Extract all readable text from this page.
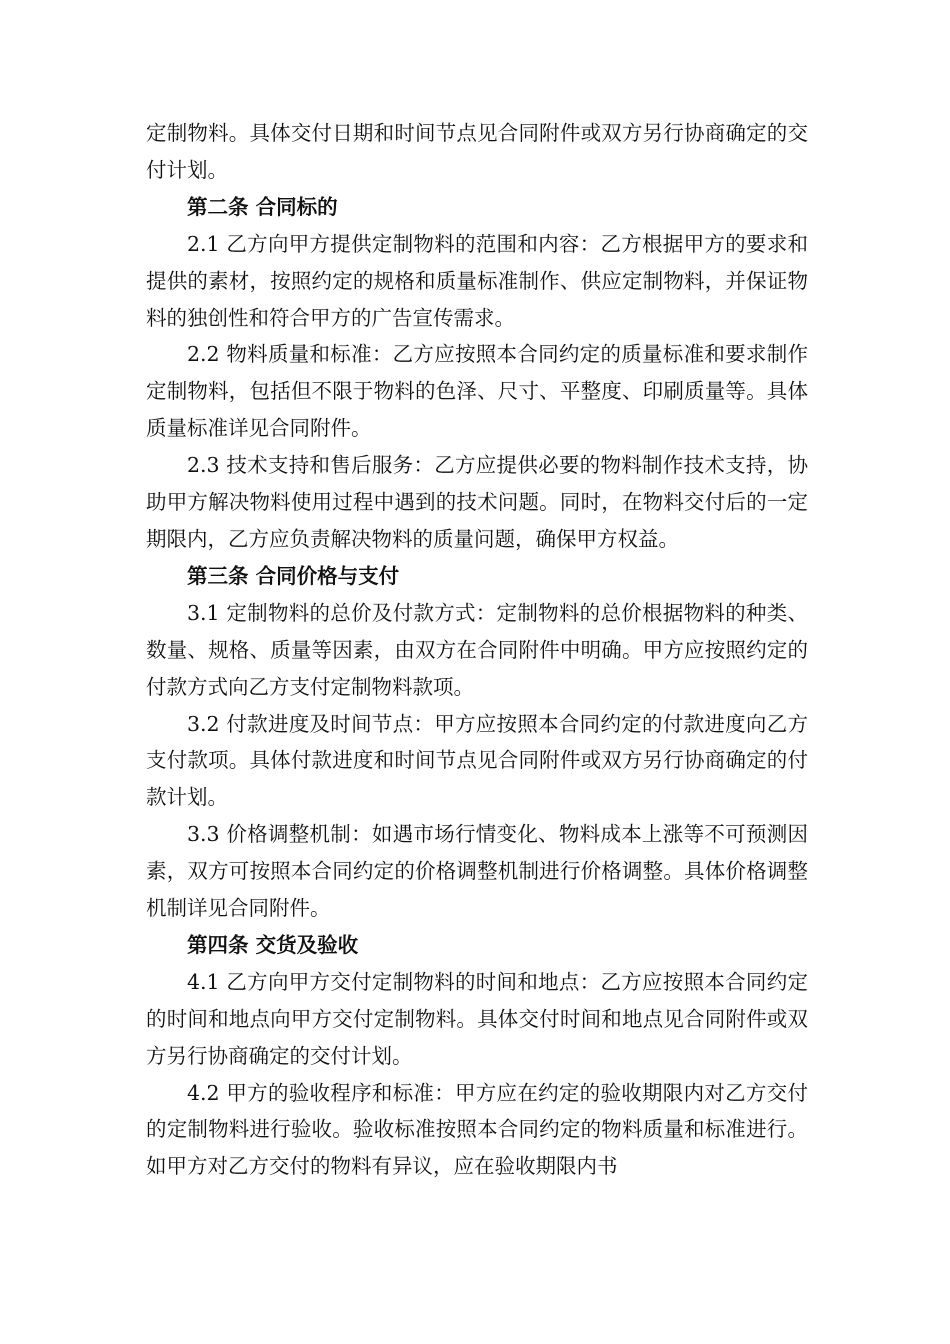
定制物料。具体交付日期和时间节点见合同附件或双方另行协商确定的交付计划。

第二条 合同标的

2.1 乙方向甲方提供定制物料的范围和内容：乙方根据甲方的要求和提供的素材，按照约定的规格和质量标准制作、供应定制物料，并保证物料的独创性和符合甲方的广告宣传需求。

2.2 物料质量和标准：乙方应按照本合同约定的质量标准和要求制作定制物料，包括但不限于物料的色泽、尺寸、平整度、印刷质量等。具体质量标准详见合同附件。

2.3 技术支持和售后服务：乙方应提供必要的物料制作技术支持，协助甲方解决物料使用过程中遇到的技术问题。同时，在物料交付后的一定期限内，乙方应负责解决物料的质量问题，确保甲方权益。

第三条 合同价格与支付

3.1 定制物料的总价及付款方式：定制物料的总价根据物料的种类、数量、规格、质量等因素，由双方在合同附件中明确。甲方应按照约定的付款方式向乙方支付定制物料款项。

3.2 付款进度及时间节点：甲方应按照本合同约定的付款进度向乙方支付款项。具体付款进度和时间节点见合同附件或双方另行协商确定的付款计划。

3.3 价格调整机制：如遇市场行情变化、物料成本上涨等不可预测因素，双方可按照本合同约定的价格调整机制进行价格调整。具体价格调整机制详见合同附件。

第四条 交货及验收

4.1 乙方向甲方交付定制物料的时间和地点：乙方应按照本合同约定的时间和地点向甲方交付定制物料。具体交付时间和地点见合同附件或双方另行协商确定的交付计划。

4.2 甲方的验收程序和标准：甲方应在约定的验收期限内对乙方交付的定制物料进行验收。验收标准按照本合同约定的物料质量和标准进行。如甲方对乙方交付的物料有异议，应在验收期限内书
